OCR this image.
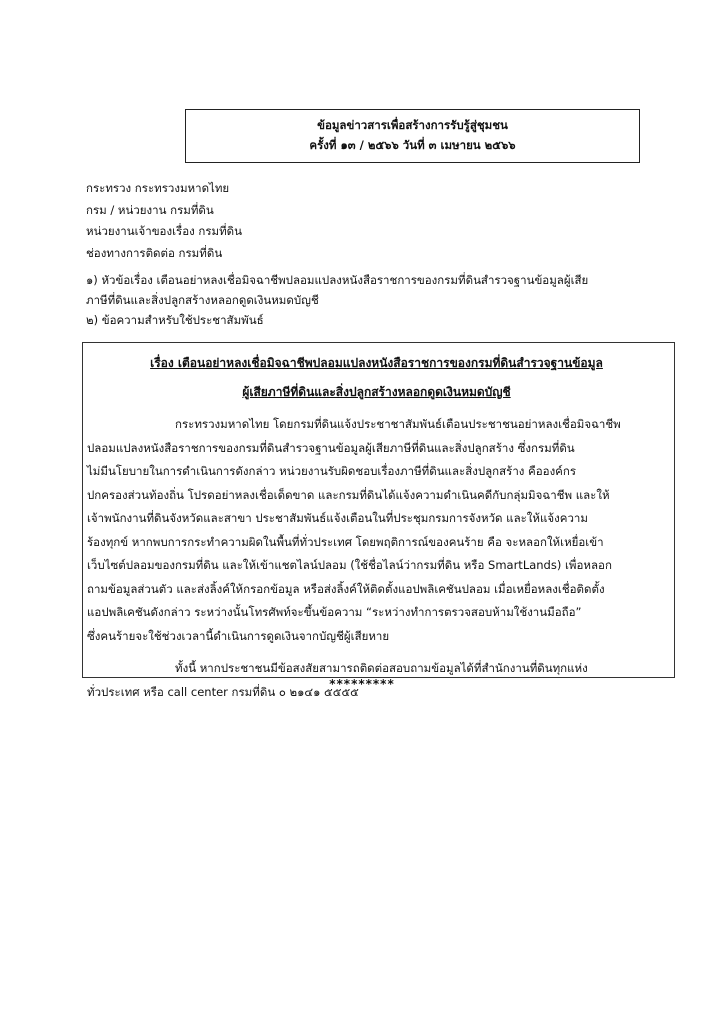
ข้อมูลข่าวสารเพื่อสร้างการรับรู้สู่ชุมชน
ครั้งที่ ๑๓ / ๒๕๖๖ วันที่ ๓ เมษายน ๒๕๖๖
กระทรวง กระทรวงมหาดไทย
กรม / หน่วยงาน กรมที่ดิน
หน่วยงานเจ้าของเรื่อง กรมที่ดิน
ช่องทางการติดต่อ กรมที่ดิน
๑) หัวข้อเรื่อง เตือนอย่าหลงเชื่อมิจฉาชีพปลอมแปลงหนังสือราชการของกรมที่ดินสำรวจฐานข้อมูลผู้เสีย
ภาษีที่ดินและสิ่งปลูกสร้างหลอกดูดเงินหมดบัญชี
๒) ข้อความสำหรับใช้ประชาสัมพันธ์
เรื่อง เตือนอย่าหลงเชื่อมิจฉาชีพปลอมแปลงหนังสือราชการของกรมที่ดินสำรวจฐานข้อมูล
ผู้เสียภาษีที่ดินและสิ่งปลูกสร้างหลอกดูดเงินหมดบัญชี
กระทรวงมหาดไทย โดยกรมที่ดินแจ้งประชาชาสัมพันธ์เตือนประชาชนอย่าหลงเชื่อมิจฉาชีพ
ปลอมแปลงหนังสือราชการของกรมที่ดินสำรวจฐานข้อมูลผู้เสียภาษีที่ดินและสิ่งปลูกสร้าง ซึ่งกรมที่ดิน
ไม่มีนโยบายในการดำเนินการดังกล่าว หน่วยงานรับผิดชอบเรื่องภาษีที่ดินและสิ่งปลูกสร้าง คือองค์กร
ปกครองส่วนท้องถิ่น โปรดอย่าหลงเชื่อเด็ดขาด และกรมที่ดินได้แจ้งความดำเนินคดีกับกลุ่มมิจฉาชีพ และให้
เจ้าพนักงานที่ดินจังหวัดและสาขา ประชาสัมพันธ์แจ้งเตือนในที่ประชุมกรมการจังหวัด และให้แจ้งความ
ร้องทุกข์ หากพบการกระทำความผิดในพื้นที่ทั่วประเทศ โดยพฤติการณ์ของคนร้าย คือ จะหลอกให้เหยื่อเข้า
เว็บไซต์ปลอมของกรมที่ดิน และให้เข้าแชตไลน์ปลอม (ใช้ชื่อไลน์ว่ากรมที่ดิน หรือ SmartLands) เพื่อหลอก
ถามข้อมูลส่วนตัว และส่งลิ้งค์ให้กรอกข้อมูล หรือส่งลิ้งค์ให้ติดตั้งแอปพลิเคชันปลอม เมื่อเหยื่อหลงเชื่อติดตั้ง
แอปพลิเคชันดังกล่าว ระหว่างนั้นโทรศัพท์จะขึ้นข้อความ “ระหว่างทำการตรวจสอบห้ามใช้งานมือถือ”
ซึ่งคนร้ายจะใช้ช่วงเวลานี้ดำเนินการดูดเงินจากบัญชีผู้เสียหาย
ทั้งนี้ หากประชาชนมีข้อสงสัยสามารถติดต่อสอบถามข้อมูลได้ที่สำนักงานที่ดินทุกแห่ง
ทั่วประเทศ หรือ call center กรมที่ดิน ๐ ๒๑๔๑ ๕๕๕๕
*********
